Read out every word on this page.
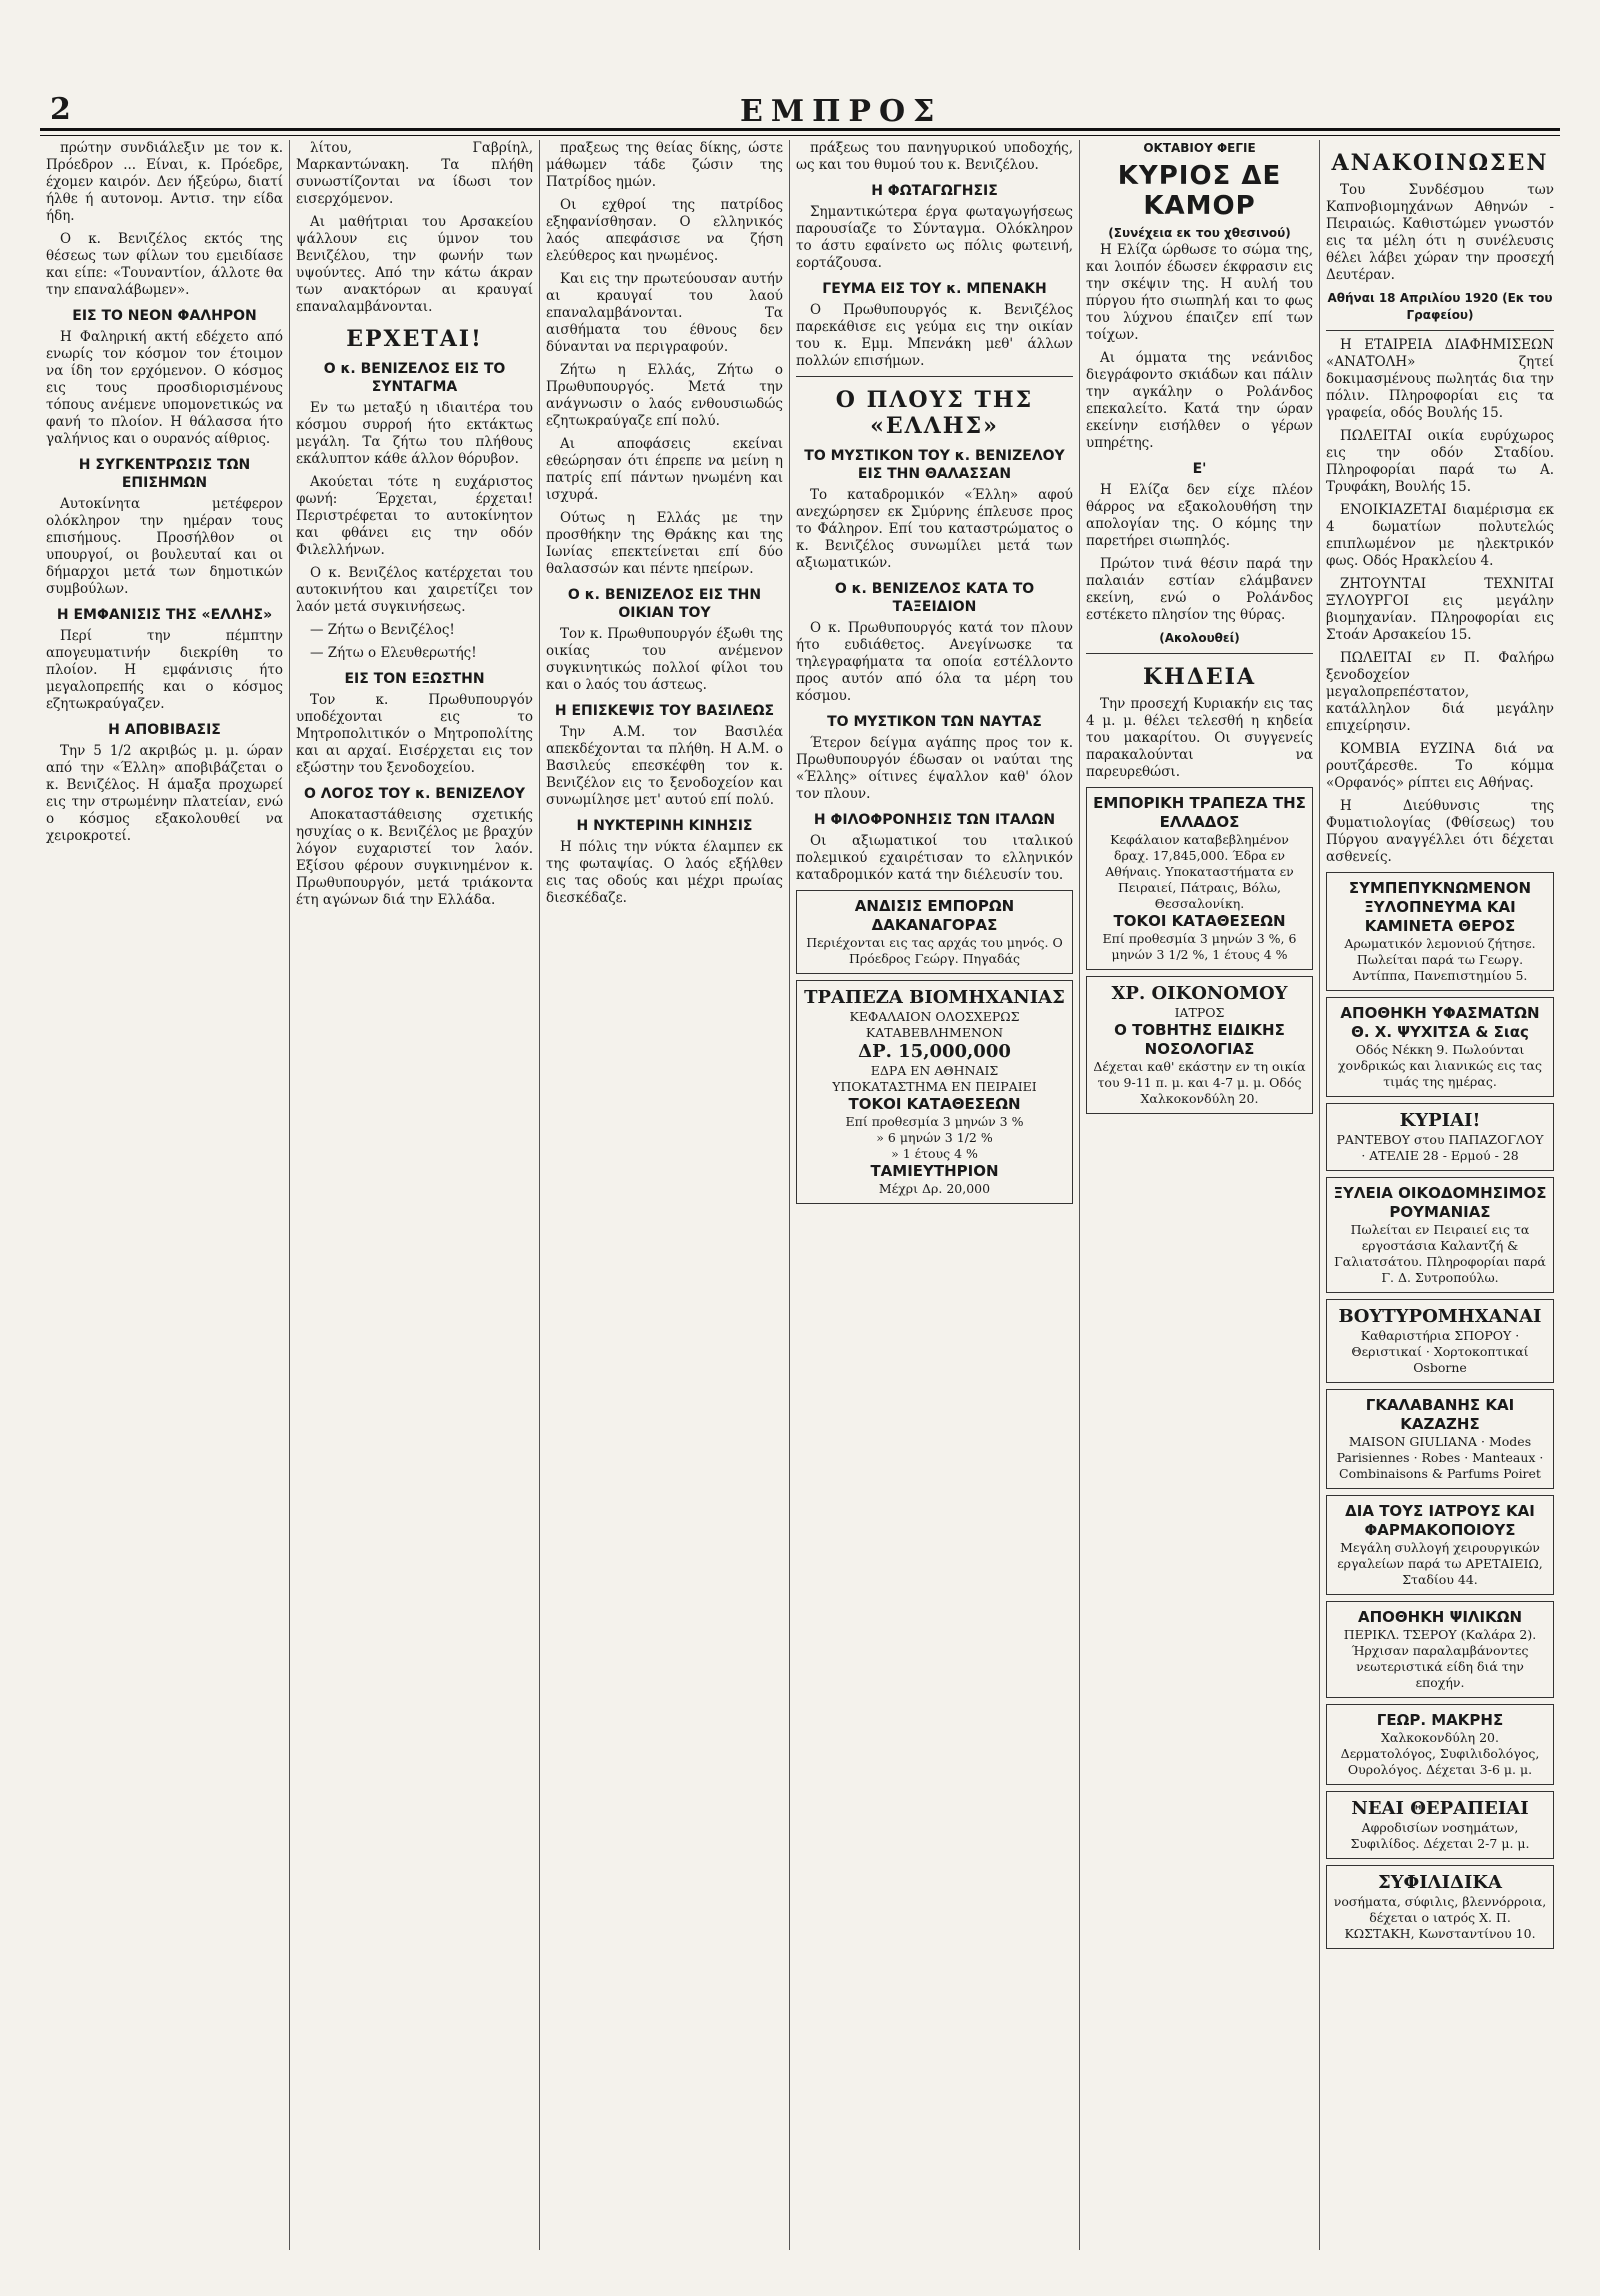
2	ΕΜΠΡΟΣ

πρώτην συνδιάλεξιν με τον κ. Πρόεδρον ... Είναι, κ. Πρόεδρε, έχομεν καιρόν. Δεν ήξεύρω, διατί ήλθε ή αυτονομ. Αντισ. την είδα ήδη.

Ο κ. Βενιζέλος εκτός της θέσεως των φίλων του εμειδίασε και είπε: «Τουναντίον, άλλοτε θα την επαναλάβωμεν».

ΕΙΣ ΤΟ ΝΕΟΝ ΦΑΛΗΡΟΝ

Η Φαληρική ακτή εδέχετο από ενωρίς τον κόσμον τον έτοιμον να ίδη τον ερχόμενον. Ο κόσμος εις τους προσδιορισμένους τόπους ανέμενε υπομονετικώς να φανή το πλοίον. Η θάλασσα ήτο γαλήνιος και ο ουρανός αίθριος.

Η ΣΥΓΚΕΝΤΡΩΣΙΣ ΤΩΝ ΕΠΙΣΗΜΩΝ

Αυτοκίνητα μετέφερον ολόκληρον την ημέραν τους επισήμους. Προσήλθον οι υπουργοί, οι βουλευταί και οι δήμαρχοι μετά των δημοτικών συμβούλων.

Η ΕΜΦΑΝΙΣΙΣ ΤΗΣ «ΕΛΛΗΣ»

Περί την πέμπτην απογευματινήν διεκρίθη το πλοίον. Η εμφάνισις ήτο μεγαλοπρεπής και ο κόσμος εζητωκραύγαζεν.

Η ΑΠΟΒΙΒΑΣΙΣ

Την 5 1/2 ακριβώς μ. μ. ώραν από την «Έλλη» αποβιβάζεται ο κ. Βενιζέλος. Η άμαξα προχωρεί εις την στρωμένην πλατείαν, ενώ ο κόσμος εξακολουθεί να χειροκροτεί.

λίτου, Γαβρίηλ, Μαρκαντώνακη. Τα πλήθη συνωστίζονται να ίδωσι τον εισερχόμενον.

Αι μαθήτριαι του Αρσακείου ψάλλουν εις ύμνον του Βενιζέλου, την φωνήν των υψούντες. Από την κάτω άκραν των ανακτόρων αι κραυγαί επαναλαμβάνονται.

ΕΡΧΕΤΑΙ!
Ο κ. ΒΕΝΙΖΕΛΟΣ ΕΙΣ ΤΟ ΣΥΝΤΑΓΜΑ

Εν τω μεταξύ η ιδιαιτέρα του κόσμου συρροή ήτο εκτάκτως μεγάλη. Τα ζήτω του πλήθους εκάλυπτον κάθε άλλον θόρυβον.

Ακούεται τότε η ευχάριστος φωνή: Έρχεται, έρχεται! Περιστρέφεται το αυτοκίνητον και φθάνει εις την οδόν Φιλελλήνων.

Ο κ. Βενιζέλος κατέρχεται του αυτοκινήτου και χαιρετίζει τον λαόν μετά συγκινήσεως.

— Ζήτω ο Βενιζέλος!

— Ζήτω ο Ελευθερωτής!

ΕΙΣ ΤΟΝ ΕΞΩΣΤΗΝ

Τον κ. Πρωθυπουργόν υποδέχονται εις το Μητροπολιτικόν ο Μητροπολίτης και αι αρχαί. Εισέρχεται εις τον εξώστην του ξενοδοχείου.

Ο ΛΟΓΟΣ ΤΟΥ κ. ΒΕΝΙΖΕΛΟΥ

Αποκαταστάθεισης σχετικής ησυχίας ο κ. Βενιζέλος με βραχύν λόγον ευχαριστεί τον λαόν. Εξίσου φέρουν συγκινημένον κ. Πρωθυπουργόν, μετά τριάκοντα έτη αγώνων διά την Ελλάδα.

πραξεως της θείας δίκης, ώστε μάθωμεν τάδε ζώσιν της Πατρίδος ημών.

Οι εχθροί της πατρίδος εξηφανίσθησαν. Ο ελληνικός λαός απεφάσισε να ζήση ελεύθερος και ηνωμένος.

Και εις την πρωτεύουσαν αυτήν αι κραυγαί του λαού επαναλαμβάνονται. Τα αισθήματα του έθνους δεν δύνανται να περιγραφούν.

Ζήτω η Ελλάς, Ζήτω ο Πρωθυπουργός. Μετά την ανάγνωσιν ο λαός ενθουσιωδώς εζητωκραύγαζε επί πολύ.

Αι αποφάσεις εκείναι εθεώρησαν ότι έπρεπε να μείνη η πατρίς επί πάντων ηνωμένη και ισχυρά.

Ούτως η Ελλάς με την προσθήκην της Θράκης και της Ιωνίας επεκτείνεται επί δύο θαλασσών και πέντε ηπείρων.

Ο κ. ΒΕΝΙΖΕΛΟΣ ΕΙΣ ΤΗΝ ΟΙΚΙΑΝ ΤΟΥ

Τον κ. Πρωθυπουργόν έξωθι της οικίας του ανέμενον συγκινητικώς πολλοί φίλοι του και ο λαός του άστεως.

Η ΕΠΙΣΚΕΨΙΣ ΤΟΥ ΒΑΣΙΛΕΩΣ

Την Α.Μ. τον Βασιλέα απεκδέχονται τα πλήθη. Η Α.Μ. ο Βασιλεύς επεσκέφθη τον κ. Βενιζέλον εις το ξενοδοχείον και συνωμίλησε μετ' αυτού επί πολύ.

Η ΝΥΚΤΕΡΙΝΗ ΚΙΝΗΣΙΣ

Η πόλις την νύκτα έλαμπεν εκ της φωταψίας. Ο λαός εξήλθεν εις τας οδούς και μέχρι πρωίας διεσκέδαζε.

πράξεως του πανηγυρικού υποδοχής, ως και του θυμού του κ. Βενιζέλου.

Η ΦΩΤΑΓΩΓΗΣΙΣ

Σημαντικώτερα έργα φωταγωγήσεως παρουσίαζε το Σύνταγμα. Ολόκληρον το άστυ εφαίνετο ως πόλις φωτεινή, εορτάζουσα.

ΓΕΥΜΑ ΕΙΣ ΤΟΥ κ. ΜΠΕΝΑΚΗ

Ο Πρωθυπουργός κ. Βενιζέλος παρεκάθισε εις γεύμα εις την οικίαν του κ. Εμμ. Μπενάκη μεθ' άλλων πολλών επισήμων.

Ο ΠΛΟΥΣ ΤΗΣ «ΕΛΛΗΣ»
ΤΟ ΜΥΣΤΙΚΟΝ ΤΟΥ κ. ΒΕΝΙΖΕΛΟΥ ΕΙΣ ΤΗΝ ΘΑΛΑΣΣΑΝ

Το καταδρομικόν «Έλλη» αφού ανεχώρησεν εκ Σμύρνης έπλευσε προς το Φάληρον. Επί του καταστρώματος ο κ. Βενιζέλος συνωμίλει μετά των αξιωματικών.

Ο κ. ΒΕΝΙΖΕΛΟΣ ΚΑΤΑ ΤΟ ΤΑΞΕΙΔΙΟΝ

Ο κ. Πρωθυπουργός κατά τον πλουν ήτο ευδιάθετος. Ανεγίνωσκε τα τηλεγραφήματα τα οποία εστέλλοντο προς αυτόν από όλα τα μέρη του κόσμου.

ΤΟ ΜΥΣΤΙΚΟΝ ΤΩΝ ΝΑΥΤΑΣ

Έτερον δείγμα αγάπης προς τον κ. Πρωθυπουργόν έδωσαν οι ναύται της «Έλλης» οίτινες έψαλλον καθ' όλον τον πλουν.

Η ΦΙΛΟΦΡΟΝΗΣΙΣ ΤΩΝ ΙΤΑΛΩΝ

Οι αξιωματικοί του ιταλικού πολεμικού εχαιρέτισαν το ελληνικόν καταδρομικόν κατά την διέλευσίν του.

ΑΝΔΙΣΙΣ ΕΜΠΟΡΩΝ ΔΑΚΑΝΑΓΟΡΑΣ
Περιέχονται εις τας αρχάς του μηνός. Ο Πρόεδρος Γεώργ. Πηγαδάς
ΤΡΑΠΕΖΑ ΒΙΟΜΗΧΑΝΙΑΣ
ΚΕΦΑΛΑΙΟΝ ΟΛΟΣΧΕΡΩΣ ΚΑΤΑΒΕΒΛΗΜΕΝΟΝ
ΔΡ. 15,000,000
ΕΔΡΑ ΕΝ ΑΘΗΝΑΙΣ
ΥΠΟΚΑΤΑΣΤΗΜΑ ΕΝ ΠΕΙΡΑΙΕΙ
ΤΟΚΟΙ ΚΑΤΑΘΕΣΕΩΝ
Επί προθεσμία 3 μηνών 3 %
» 6 μηνών 3 1/2 %
» 1 έτους 4 %
ΤΑΜΙΕΥΤΗΡΙΟΝ
Μέχρι Δρ. 20,000
ΟΚΤΑΒΙΟΥ ΦΕΓΙΕ
ΚΥΡΙΟΣ ΔΕ ΚΑΜΟΡ
(Συνέχεια εκ του χθεσινού)

Η Ελίζα ώρθωσε το σώμα της, και λοιπόν έδωσεν έκφρασιν εις την σκέψιν της. Η αυλή του πύργου ήτο σιωπηλή και το φως του λύχνου έπαιζεν επί των τοίχων.

Αι όμματα της νεάνιδος διεγράφοντο σκιάδων και πάλιν την αγκάλην ο Ρολάνδος επεκαλείτο. Κατά την ώραν εκείνην εισήλθεν ο γέρων υπηρέτης.

Ε'

Η Ελίζα δεν είχε πλέον θάρρος να εξακολουθήση την απολογίαν της. Ο κόμης την παρετήρει σιωπηλός.

Πρώτον τινά θέσιν παρά την παλαιάν εστίαν ελάμβανεν εκείνη, ενώ ο Ρολάνδος εστέκετο πλησίον της θύρας.

(Ακολουθεί)
ΚΗΔΕΙΑ

Την προσεχή Κυριακήν εις τας 4 μ. μ. θέλει τελεσθή η κηδεία του μακαρίτου. Οι συγγενείς παρακαλούνται να παρευρεθώσι.

ΕΜΠΟΡΙΚΗ ΤΡΑΠΕΖΑ ΤΗΣ ΕΛΛΑΔΟΣ
Κεφάλαιον καταβεβλημένον δραχ. 17,845,000. Έδρα εν Αθήναις. Υποκαταστήματα εν Πειραιεί, Πάτραις, Βόλω, Θεσσαλονίκη.
ΤΟΚΟΙ ΚΑΤΑΘΕΣΕΩΝ
Επί προθεσμία 3 μηνών 3 %, 6 μηνών 3 1/2 %, 1 έτους 4 %
ΧΡ. ΟΙΚΟΝΟΜΟΥ
ΙΑΤΡΟΣ
Ο ΤΟΒΗΤΗΣ ΕΙΔΙΚΗΣ ΝΟΣΟΛΟΓΙΑΣ
Δέχεται καθ' εκάστην εν τη οικία του 9-11 π. μ. και 4-7 μ. μ. Οδός Χαλκοκονδύλη 20.
ΑΝΑΚΟΙΝΩΣΕΝ

Του Συνδέσμου των Καπνοβιομηχάνων Αθηνών - Πειραιώς. Καθιστώμεν γνωστόν εις τα μέλη ότι η συνέλευσις θέλει λάβει χώραν την προσεχή Δευτέραν.

Αθήναι 18 Απριλίου 1920 (Εκ του Γραφείου)

Η ΕΤΑΙΡΕΙΑ ΔΙΑΦΗΜΙΣΕΩΝ «ΑΝΑΤΟΛΗ» ζητεί δοκιμασμένους πωλητάς δια την πόλιν. Πληροφορίαι εις τα γραφεία, οδός Βουλής 15.

ΠΩΛΕΙΤΑΙ οικία ευρύχωρος εις την οδόν Σταδίου. Πληροφορίαι παρά τω Α. Τρυφάκη, Βουλής 15.

ΕΝΟΙΚΙΑΖΕΤΑΙ διαμέρισμα εκ 4 δωματίων πολυτελώς επιπλωμένον με ηλεκτρικόν φως. Οδός Ηρακλείου 4.

ΖΗΤΟΥΝΤΑΙ ΤΕΧΝΙΤΑΙ ΞΥΛΟΥΡΓΟΙ εις μεγάλην βιομηχανίαν. Πληροφορίαι εις Στοάν Αρσακείου 15.

ΠΩΛΕΙΤΑΙ εν Π. Φαλήρω ξενοδοχείον μεγαλοπρεπέστατον, κατάλληλον διά μεγάλην επιχείρησιν.

ΚΟΜΒΙΑ ΕΥΖΙΝΑ διά να ρουτζάρεσθε. Το κόμμα «Ορφανός» ρίπτει εις Αθήνας.

Η Διεύθυνσις της Φυματιολογίας (Φθίσεως) του Πύργου αναγγέλλει ότι δέχεται ασθενείς.

ΣΥΜΠΕΠΥΚΝΩΜΕΝΟΝ ΞΥΛΟΠΝΕΥΜΑ ΚΑΙ ΚΑΜΙΝΕΤΑ ΘΕΡΟΣ
Αρωματικόν λεμονιού ζήτησε. Πωλείται παρά τω Γεωργ. Αντίππα, Πανεπιστημίου 5.
ΑΠΟΘΗΚΗ ΥΦΑΣΜΑΤΩΝ Θ. Χ. ΨΥΧΙΤΣΑ & Σιας
Οδός Νέκκη 9. Πωλούνται χονδρικώς και λιανικώς εις τας τιμάς της ημέρας.
ΚΥΡΙΑΙ!
ΡΑΝΤΕΒΟΥ στου ΠΑΠΑΖΟΓΛΟΥ · ΑΤΕΛΙΕ 28 - Ερμού - 28
ΞΥΛΕΙΑ ΟΙΚΟΔΟΜΗΣΙΜΟΣ ΡΟΥΜΑΝΙΑΣ
Πωλείται εν Πειραιεί εις τα εργοστάσια Καλαντζή & Γαλιατσάτου. Πληροφορίαι παρά Γ. Δ. Συτροπούλω.
ΒΟΥΤΥΡΟΜΗΧΑΝΑΙ
Καθαριστήρια ΣΠΟΡΟΥ · Θεριστικαί · Χορτοκοπτικαί Osborne
ΓΚΑΛΑΒΑΝΗΣ ΚΑΙ ΚΑΖΑΖΗΣ
MAISON GIULIANA · Modes Parisiennes · Robes · Manteaux · Combinaisons & Parfums Poiret
ΔΙΑ ΤΟΥΣ ΙΑΤΡΟΥΣ ΚΑΙ ΦΑΡΜΑΚΟΠΟΙΟΥΣ
Μεγάλη συλλογή χειρουργικών εργαλείων παρά τω ΑΡΕΤΑΙΕΙΩ, Σταδίου 44.
ΑΠΟΘΗΚΗ ΨΙΛΙΚΩΝ
ΠΕΡΙΚΛ. ΤΣΕΡΟΥ (Καλάρα 2). Ήρχισαν παραλαμβάνοντες νεωτεριστικά είδη διά την εποχήν.
ΓΕΩΡ. ΜΑΚΡΗΣ
Χαλκοκονδύλη 20. Δερματολόγος, Συφιλιδολόγος, Ουρολόγος. Δέχεται 3-6 μ. μ.
ΝΕΑΙ ΘΕΡΑΠΕΙΑΙ
Αφροδισίων νοσημάτων, Συφιλίδος. Δέχεται 2-7 μ. μ.
ΣΥΦΙΛΙΔΙΚΑ
νοσήματα, σύφιλις, βλεννόρροια, δέχεται ο ιατρός Χ. Π. ΚΩΣΤΑΚΗ, Κωνσταντίνου 10.
